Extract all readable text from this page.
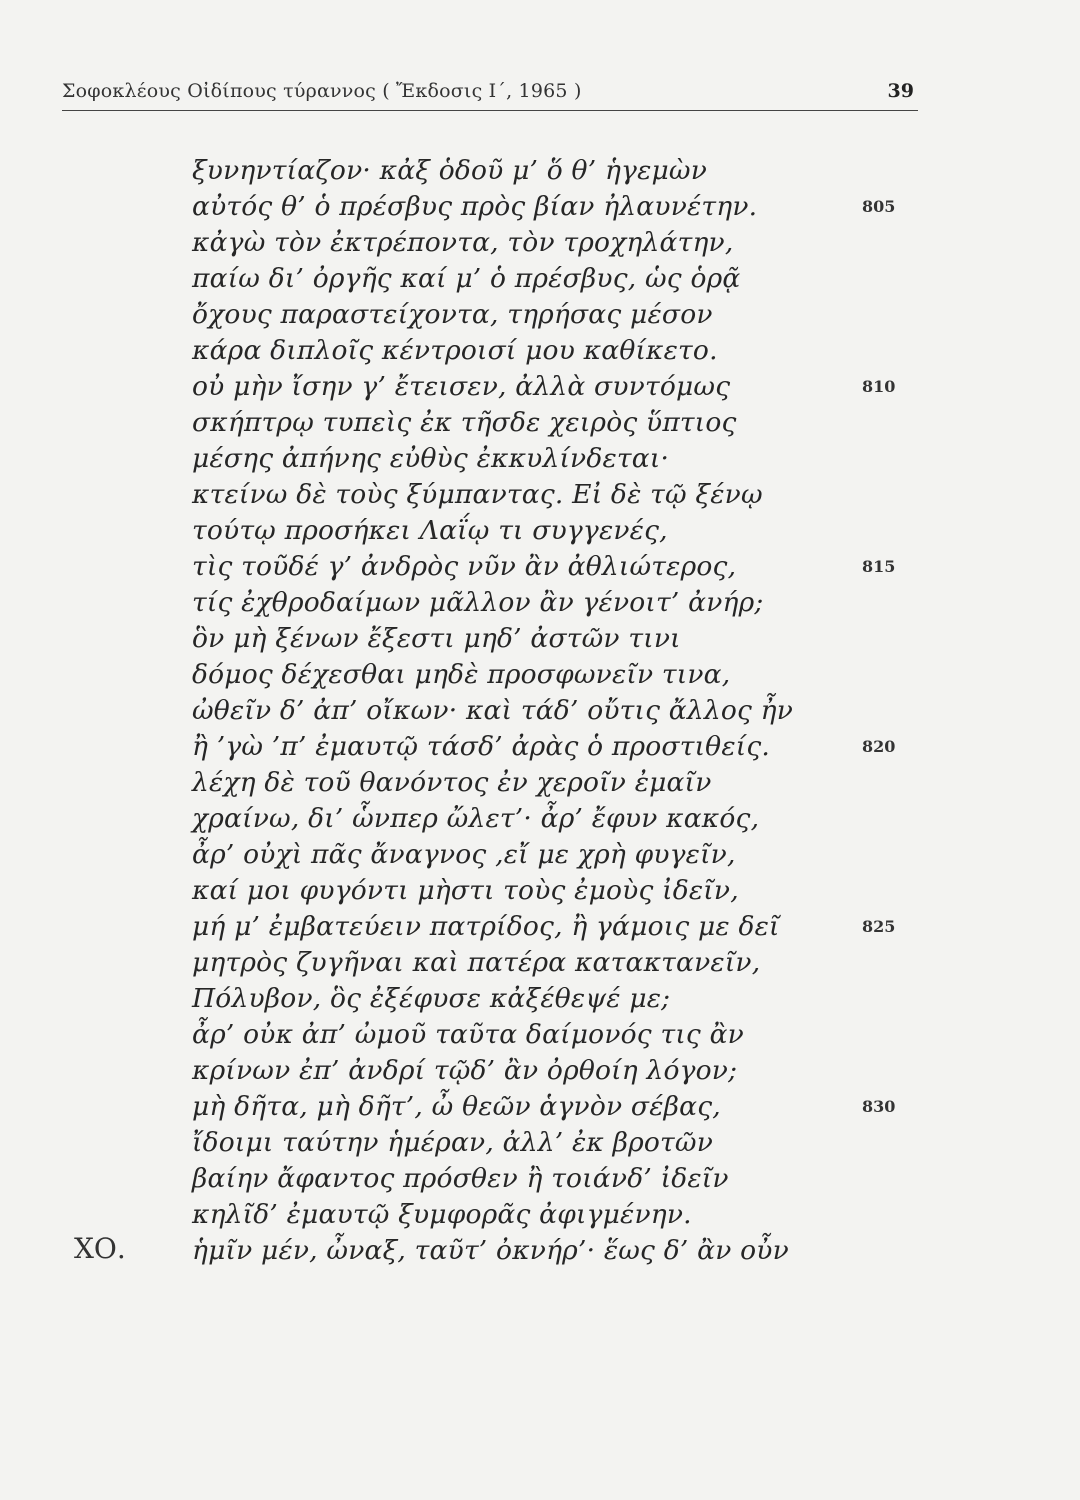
Σοφοκλέους Οἰδίπους τύραννος ( Ἔκδοσις Ι΄, 1965 )	39
ξυνηντίαζον· κἀξ ὁδοῦ μ’ ὅ θ’ ἡγεμὼν
αὐτός θ’ ὁ πρέσβυς πρὸς βίαν ἠλαυνέτην.
κἀγὼ τὸν ἐκτρέποντα, τὸν τροχηλάτην,
παίω δι’ ὀργῆς καί μ’ ὁ πρέσβυς, ὡς ὁρᾷ
ὄχους παραστείχοντα, τηρήσας μέσον
κάρα διπλοῖς κέντροισί μου καθίκετο.
οὐ μὴν ἴσην γ’ ἔτεισεν, ἀλλὰ συντόμως
σκήπτρῳ τυπεὶς ἐκ τῆσδε χειρὸς ὕπτιος
μέσης ἀπήνης εὐθὺς ἐκκυλίνδεται·
κτείνω δὲ τοὺς ξύμπαντας. Εἰ δὲ τῷ ξένῳ
τούτῳ προσήκει Λαΐῳ τι συγγενές,
τὶς τοῦδέ γ’ ἀνδρὸς νῦν ἂν ἀθλιώτερος,
τίς ἐχθροδαίμων μᾶλλον ἂν γένοιτ’ ἀνήρ;
ὃν μὴ ξένων ἔξεστι μηδ’ ἀστῶν τινι
δόμος δέχεσθαι μηδὲ προσφωνεῖν τινα,
ὠθεῖν δ’ ἀπ’ οἴκων· καὶ τάδ’ οὔτις ἄλλος ἦν
ἢ ’γὼ ’π’ ἐμαυτῷ τάσδ’ ἀρὰς ὁ προστιθείς.
λέχη δὲ τοῦ θανόντος ἐν χεροῖν ἐμαῖν
χραίνω, δι’ ὧνπερ ὤλετ’· ἆρ’ ἔφυν κακός,
ἆρ’ οὐχὶ πᾶς ἄναγνος ,εἴ με χρὴ φυγεῖν,
καί μοι φυγόντι μὴστι τοὺς ἐμοὺς ἰδεῖν,
μή μ’ ἐμβατεύειν πατρίδος, ἢ γάμοις με δεῖ
μητρὸς ζυγῆναι καὶ πατέρα κατακτανεῖν,
Πόλυβον, ὃς ἐξέφυσε κἀξέθεψέ με;
ἆρ’ οὐκ ἀπ’ ὠμοῦ ταῦτα δαίμονός τις ἂν
κρίνων ἐπ’ ἀνδρί τῷδ’ ἂν ὀρθοίη λόγον;
μὴ δῆτα, μὴ δῆτ’, ὦ θεῶν ἁγνὸν σέβας,
ἴδοιμι ταύτην ἡμέραν, ἀλλ’ ἐκ βροτῶν
βαίην ἄφαντος πρόσθεν ἢ τοιάνδ’ ἰδεῖν
κηλῖδ’ ἐμαυτῷ ξυμφορᾶς ἀφιγμένην.
ἡμῖν μέν, ὦναξ, ταῦτ’ ὀκνήρ’· ἕως δ’ ἂν οὖν
ΧΟ.
805
810
815
820
825
830
